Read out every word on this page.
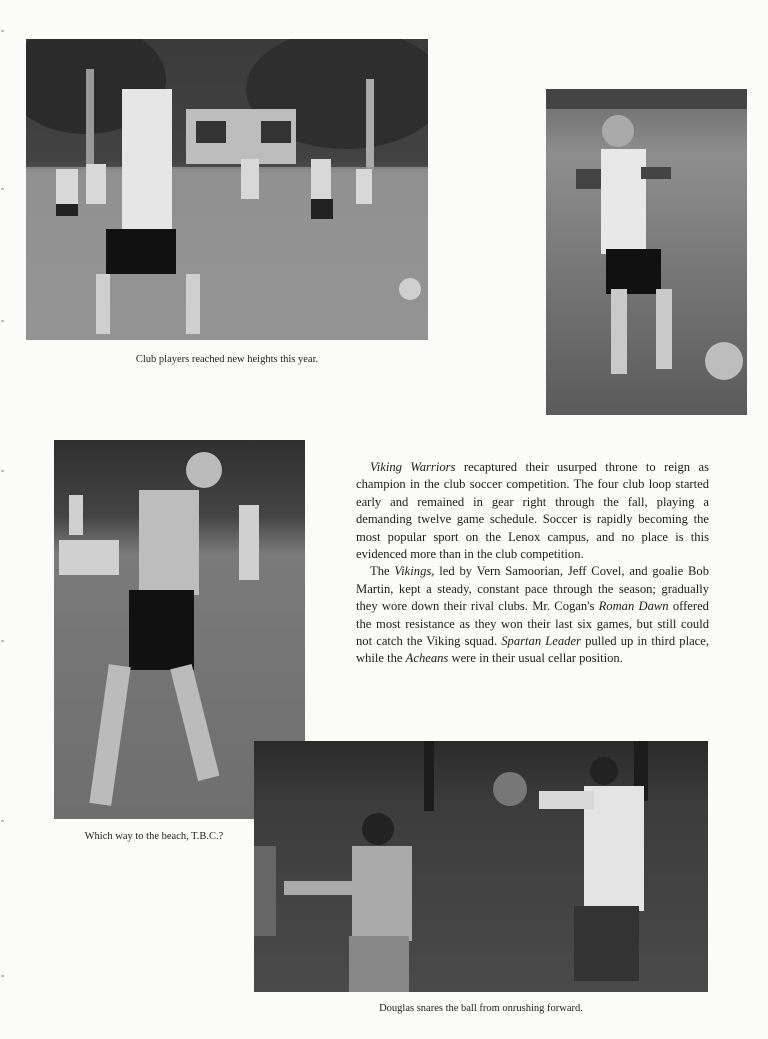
Club players reached new heights this year.
Which way to the beach, T.B.C.?

Viking Warriors recaptured their usurped throne to reign as champion in the club soccer competition. The four club loop started early and remained in gear right through the fall, playing a demanding twelve game schedule. Soccer is rapidly becoming the most popular sport on the Lenox campus, and no place is this evidenced more than in the club competition.

The Vikings, led by Vern Samoorian, Jeff Covel, and goalie Bob Martin, kept a steady, constant pace through the season; gradually they wore down their rival clubs. Mr. Cogan's Roman Dawn offered the most resistance as they won their last six games, but still could not catch the Viking squad. Spartan Leader pulled up in third place, while the Acheans were in their usual cellar position.

Douglas snares the ball from onrushing forward.
